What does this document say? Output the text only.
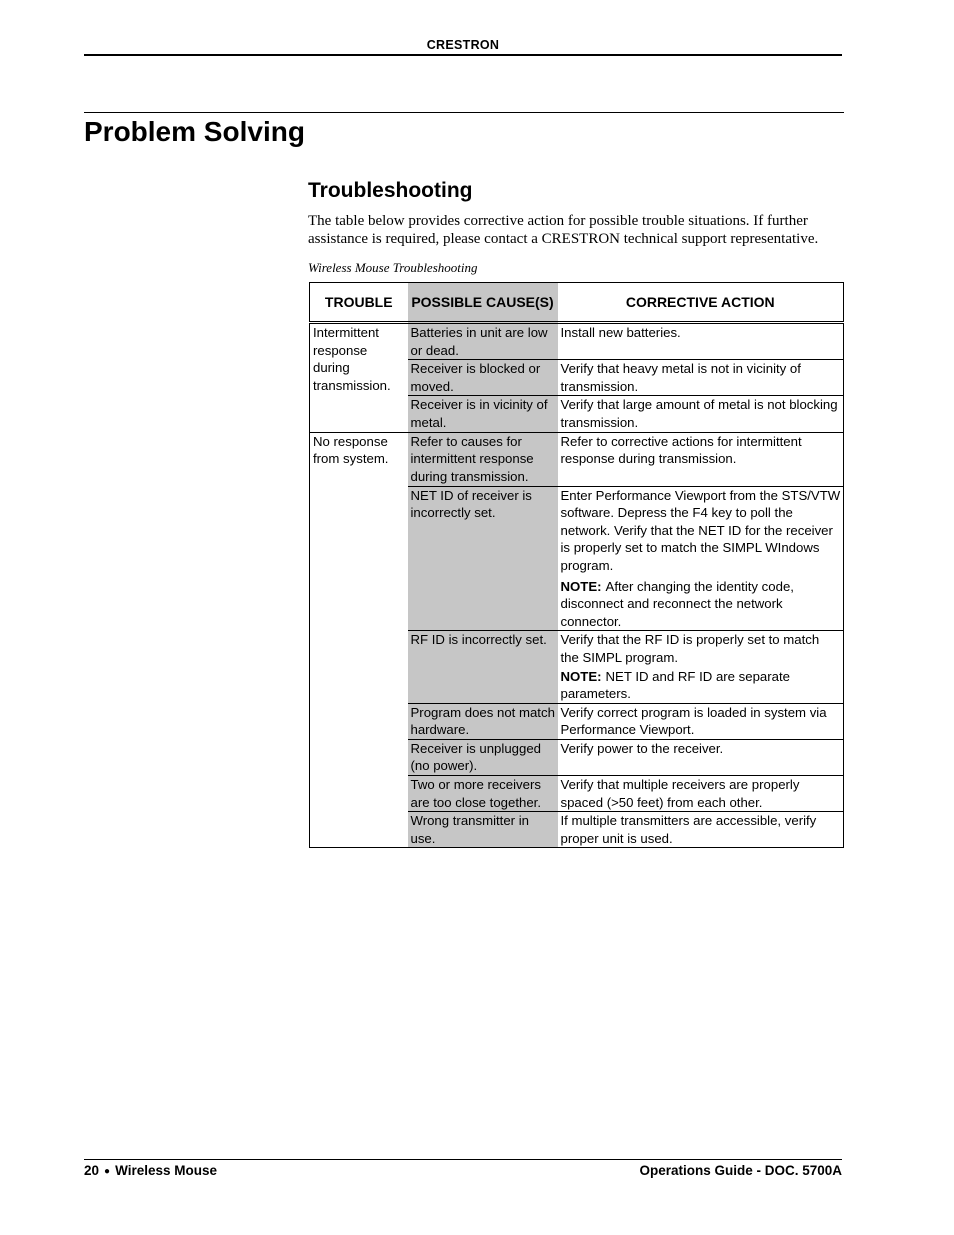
CRESTRON
Problem Solving
Troubleshooting

The table below provides corrective action for possible trouble situations. If further assistance is required, please contact a CRESTRON technical support representative.

Wireless Mouse Troubleshooting

TROUBLE	POSSIBLE CAUSE(S)	CORRECTIVE ACTION
Intermittent response during transmission.	Batteries in unit are low or dead.	Install new batteries.
	Receiver is blocked or moved.	Verify that heavy metal is not in vicinity of transmission.
	Receiver is in vicinity of metal.	Verify that large amount of metal is not blocking transmission.
No response from system.	Refer to causes for intermittent response during transmission.	Refer to corrective actions for intermittent response during transmission.
	NET ID of receiver is incorrectly set.	Enter Performance Viewport from the STS/VTW software. Depress the F4 key to poll the network. Verify that the NET ID for the receiver is properly set to match the SIMPL WIndows program.
NOTE: After changing the identity code, disconnect and reconnect the network connector.

	RF ID is incorrectly set.	Verify that the RF ID is properly set to match the SIMPL program.
NOTE: NET ID and RF ID are separate parameters.

	Program does not match hardware.	Verify correct program is loaded in system via Performance Viewport.
	Receiver is unplugged (no power).	Verify power to the receiver.
	Two or more receivers are too close together.	Verify that multiple receivers are properly spaced (>50 feet) from each other.
	Wrong transmitter in use.	If multiple transmitters are accessible, verify proper unit is used.
20 ● Wireless Mouse	Operations Guide - DOC. 5700A
